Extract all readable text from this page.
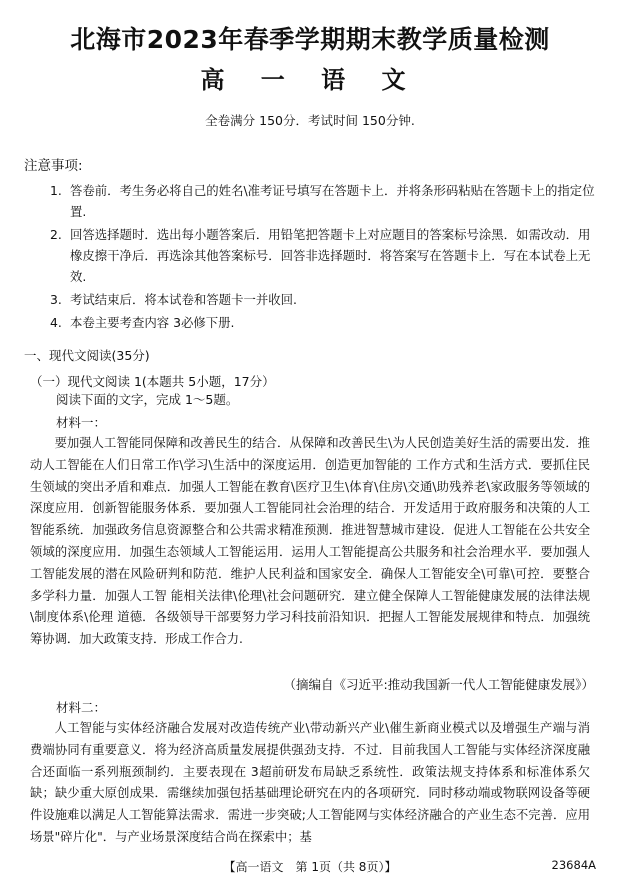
北海市2023年春季学期期末教学质量检测
高 一 语 文
全卷满分 150分．考试时间 150分钟.
注意事项:
1. 答卷前．考生务必将自己的姓名\准考证号填写在答题卡上．并将条形码粘贴在答题卡上的指定位置.
2. 回答选择题时．选出每小题答案后．用铅笔把答题卡上对应题目的答案标号涂黑．如需改动．用橡皮擦干净后．再选涂其他答案标号．回答非选择题时．将答案写在答题卡上．写在本试卷上无效.
3. 考试结束后．将本试卷和答题卡一并收回.
4. 本卷主要考查内容 3必修下册.
一、现代文阅读(35分)
（一）现代文阅读 1(本题共 5小题，17分）
阅读下面的文字，完成 1～5题。
材料一：
要加强人工智能同保障和改善民生的结合．从保障和改善民生\为人民创造美好生活的需要出发．推动人工智能在人们日常工作\学习\生活中的深度运用．创造更加智能的 工作方式和生活方式．要抓住民生领域的突出矛盾和难点．加强人工智能在教育\医疗卫生\体育\住房\交通\助残养老\家政服务等领域的深度应用．创新智能服务体系．要加强人工智能同社会治理的结合．开发适用于政府服务和决策的人工智能系统．加强政务信息资源整合和公共需求精准预测．推进智慧城市建设．促进人工智能在公共安全领域的深度应用．加强生态领域人工智能运用．运用人工智能提高公共服务和社会治理水平．要加强人工智能发展的潜在风险研判和防范．维护人民利益和国家安全．确保人工智能安全\可靠\可控．要整合多学科力量．加强人工智 能相关法律\伦理\社会问题研究．建立健全保障人工智能健康发展的法律法规\制度体系\伦理 道德．各级领导干部要努力学习科技前沿知识．把握人工智能发展规律和特点．加强统筹协调．加大政策支持．形成工作合力.
（摘编自《习近平:推动我国新一代人工智能健康发展》）
材料二：
人工智能与实体经济融合发展对改造传统产业\带动新兴产业\催生新商业模式以及增强生产端与消费端协同有重要意义．将为经济高质量发展提供强劲支持．不过．目前我国人工智能与实体经济深度融合还面临一系列瓶颈制约．主要表现在 3超前研发布局缺乏系统性．政策法规支持体系和标准体系欠缺；缺少重大原创成果．需继续加强包括基础理论研究在内的各项研究．同时移动端或物联网设备等硬件设施难以满足人工智能算法需求．需进一步突破;人工智能网与实体经济融合的产业生态不完善．应用场景"碎片化"．与产业场景深度结合尚在探索中；基
【高一语文　第 1页（共 8页）】	23684A
